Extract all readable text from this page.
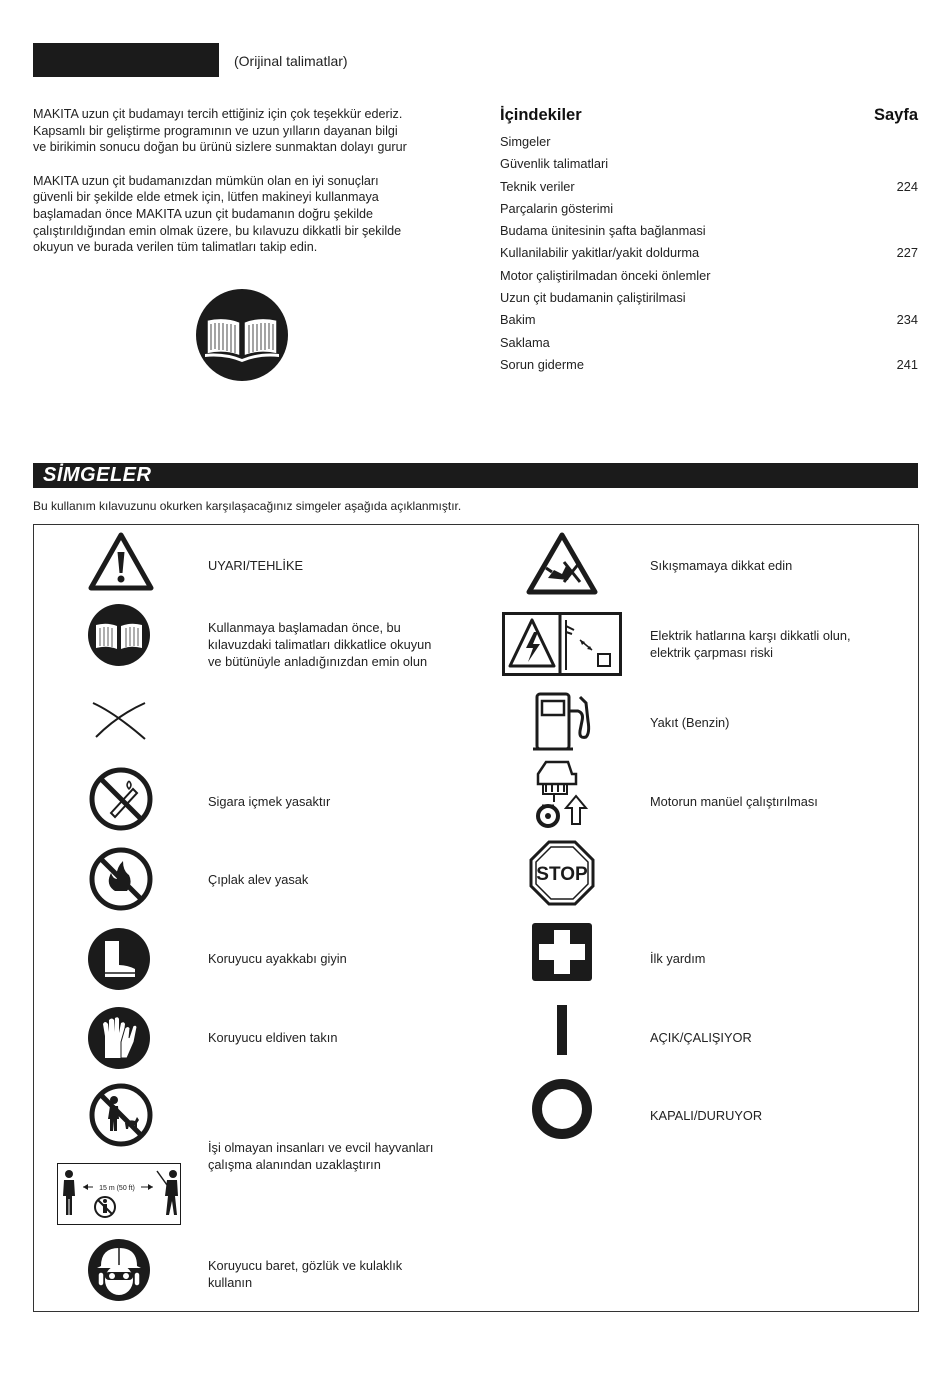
(Orijinal talimatlar)

MAKITA uzun çit budamayı tercih ettiğiniz için çok teşekkür ederiz.
Kapsamlı bir geliştirme programının ve uzun yılların dayanan bilgi
ve birikimin sonucu doğan bu ürünü sizlere sunmaktan dolayı gurur

MAKITA uzun çit budamanızdan mümkün olan en iyi sonuçları
güvenli bir şekilde elde etmek için, lütfen makineyi kullanmaya
başlamadan önce MAKITA uzun çit budamanın doğru şekilde
çalıştırıldığından emin olmak üzere, bu kılavuzu dikkatli bir şekilde
okuyun ve burada verilen tüm talimatları takip edin.

İçindekiler	Sayfa
Simgeler
Güvenlik talimatlari
Teknik veriler	224
Parçalarin gösterimi
Budama ünitesinin şafta bağlanmasi
Kullanilabilir yakitlar/yakit doldurma	227
Motor çaliştirilmadan önceki önlemler
Uzun çit budamanin çaliştirilmasi
Bakim	234
Saklama
Sorun giderme	241
SİMGELER
Bu kullanım kılavuzunu okurken karşılaşacağınız simgeler aşağıda açıklanmıştır.
UYARI/TEHLİKE
Kullanmaya başlamadan önce, bu
kılavuzdaki talimatları dikkatlice okuyun
ve bütünüyle anladığınızdan emin olun
Sigara içmek yasaktır
Çıplak alev yasak
Koruyucu ayakkabı giyin
Koruyucu eldiven takın
15 m (50 ft)
İşi olmayan insanları ve evcil hayvanları
çalışma alanından uzaklaştırın
Koruyucu baret, gözlük ve kulaklık
kullanın
Sıkışmamaya dikkat edin
Elektrik hatlarına karşı dikkatli olun,
elektrik çarpması riski
Yakıt (Benzin)
Motorun manüel çalıştırılması
STOP
İlk yardım
AÇIK/ÇALIŞIYOR
KAPALI/DURUYOR
